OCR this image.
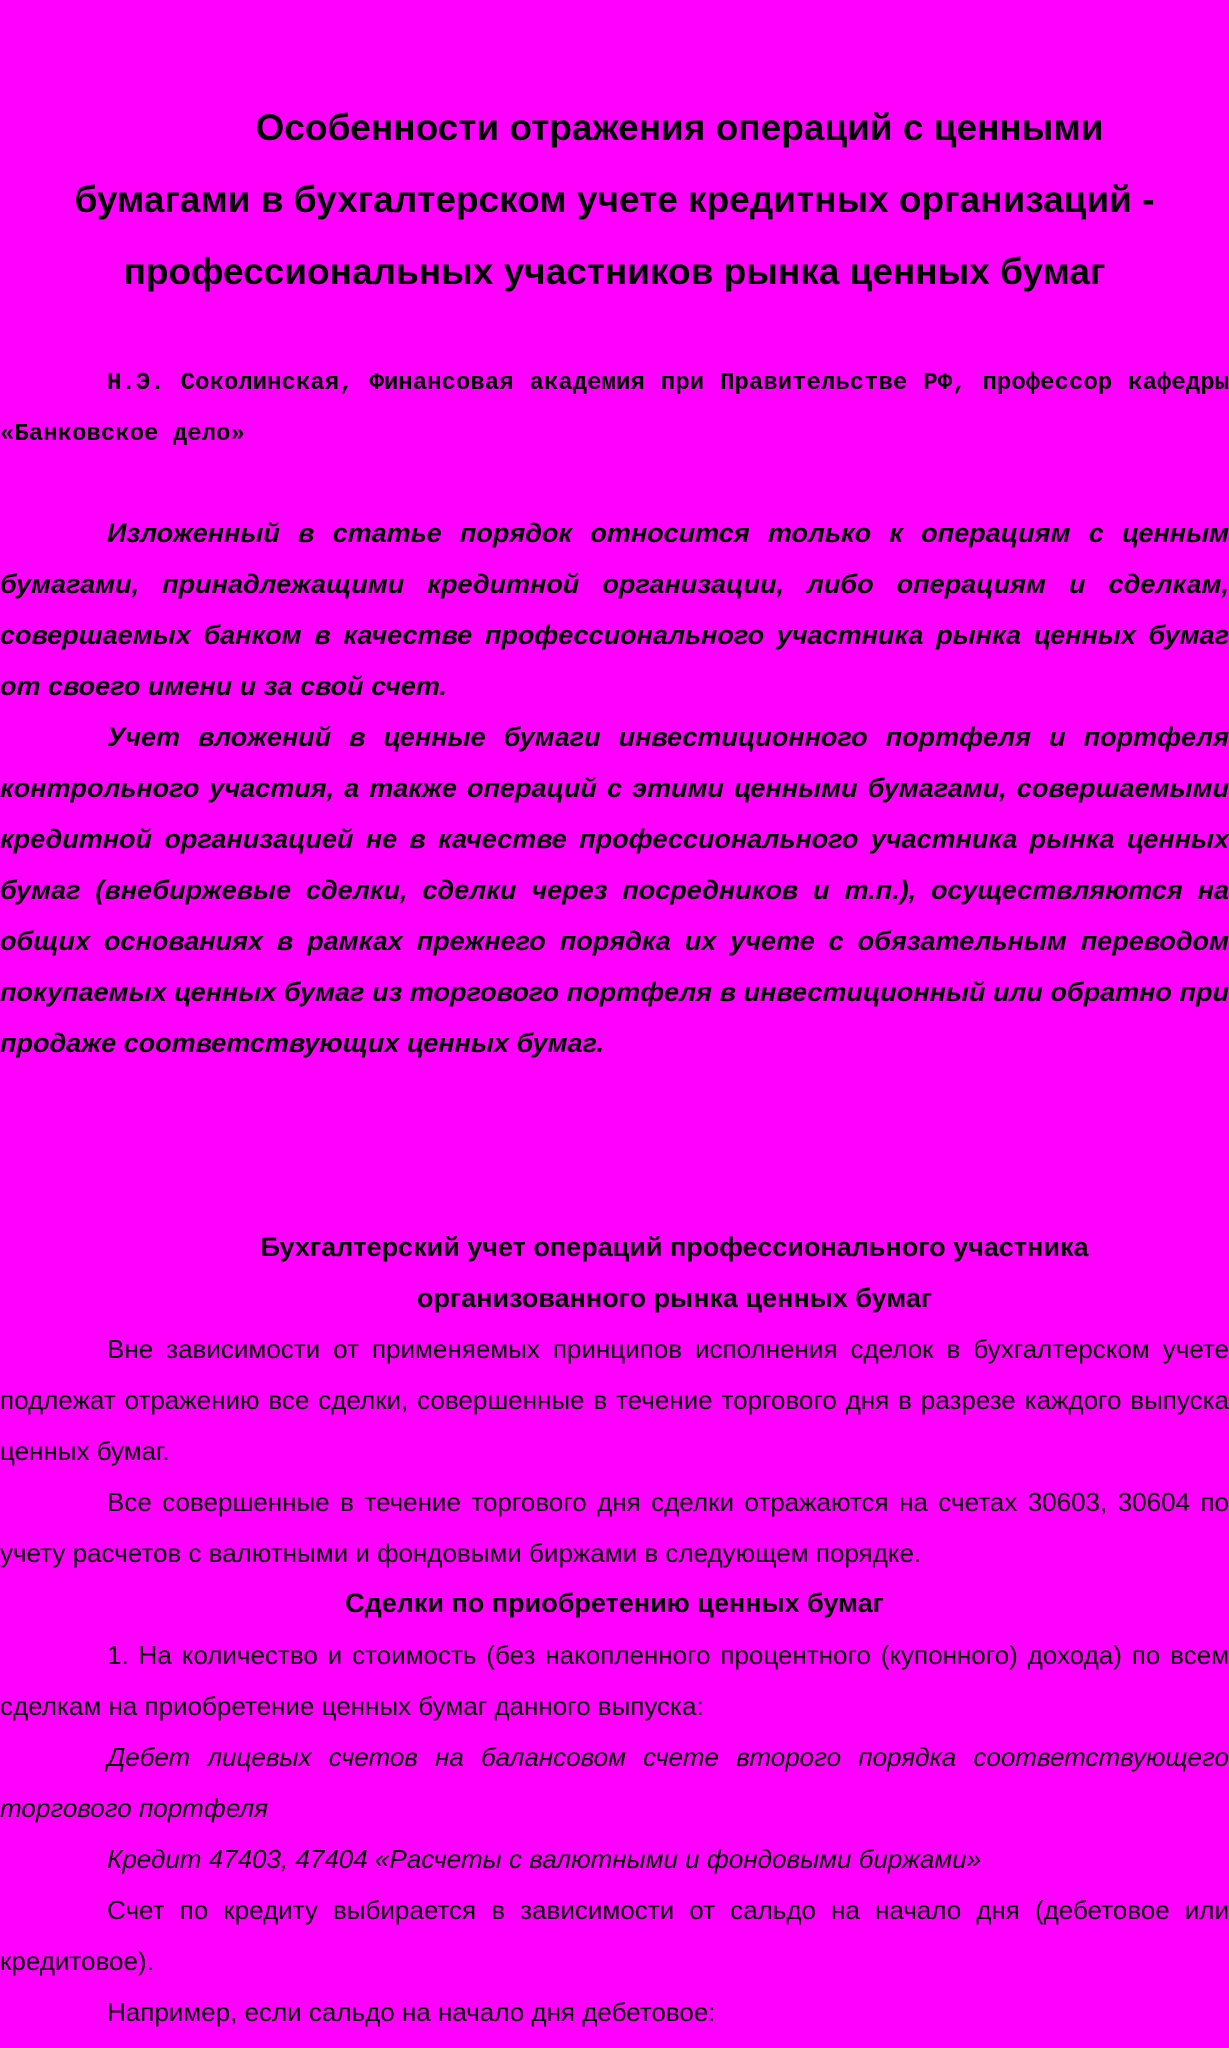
Особенности отражения операций с ценными
бумагами в бухгалтерском учете кредитных организаций -
профессиональных участников рынка ценных бумаг

Н.Э. Соколинская, Финансовая академия при Правительстве РФ, профессор кафедры «Банковское дело»

Изложенный в статье порядок относится только к операциям с ценным бумагами, принадлежащими кредитной организации, либо операциям и сделкам, совершаемых банком в качестве профессионального участника рынка ценных бумаг от своего имени и за свой счет.

Учет вложений в ценные бумаги инвестиционного портфеля и портфеля контрольного участия, а также операций с этими ценными бумагами, совершаемыми кредитной организацией не в качестве профессионального участника рынка ценных бумаг (внебиржевые сделки, сделки через посредников и т.п.), осуществляются на общих основаниях в рамках прежнего порядка их учете с обязательным переводом покупаемых ценных бумаг из торгового портфеля в инвестиционный или обратно при продаже соответствующих ценных бумаг.

Бухгалтерский учет операций профессионального участника
организованного рынка ценных бумаг

Вне зависимости от применяемых принципов исполнения сделок в бухгалтерском учете подлежат отражению все сделки, совершенные в течение торгового дня в разрезе каждого выпуска ценных бумаг.

Все совершенные в течение торгового дня сделки отражаются на счетах 30603, 30604 по учету расчетов с валютными и фондовыми биржами в следующем порядке.

Сделки по приобретению ценных бумаг

1. На количество и стоимость (без накопленного процентного (купонного) дохода) по всем сделкам на приобретение ценных бумаг данного выпуска:

Дебет лицевых счетов на балансовом счете второго порядка соответствующего торгового портфеля

Кредит 47403, 47404 «Расчеты с валютными и фондовыми биржами»

Счет по кредиту выбирается в зависимости от сальдо на начало дня (дебетовое или кредитовое).

Например, если сальдо на начало дня дебетовое:
